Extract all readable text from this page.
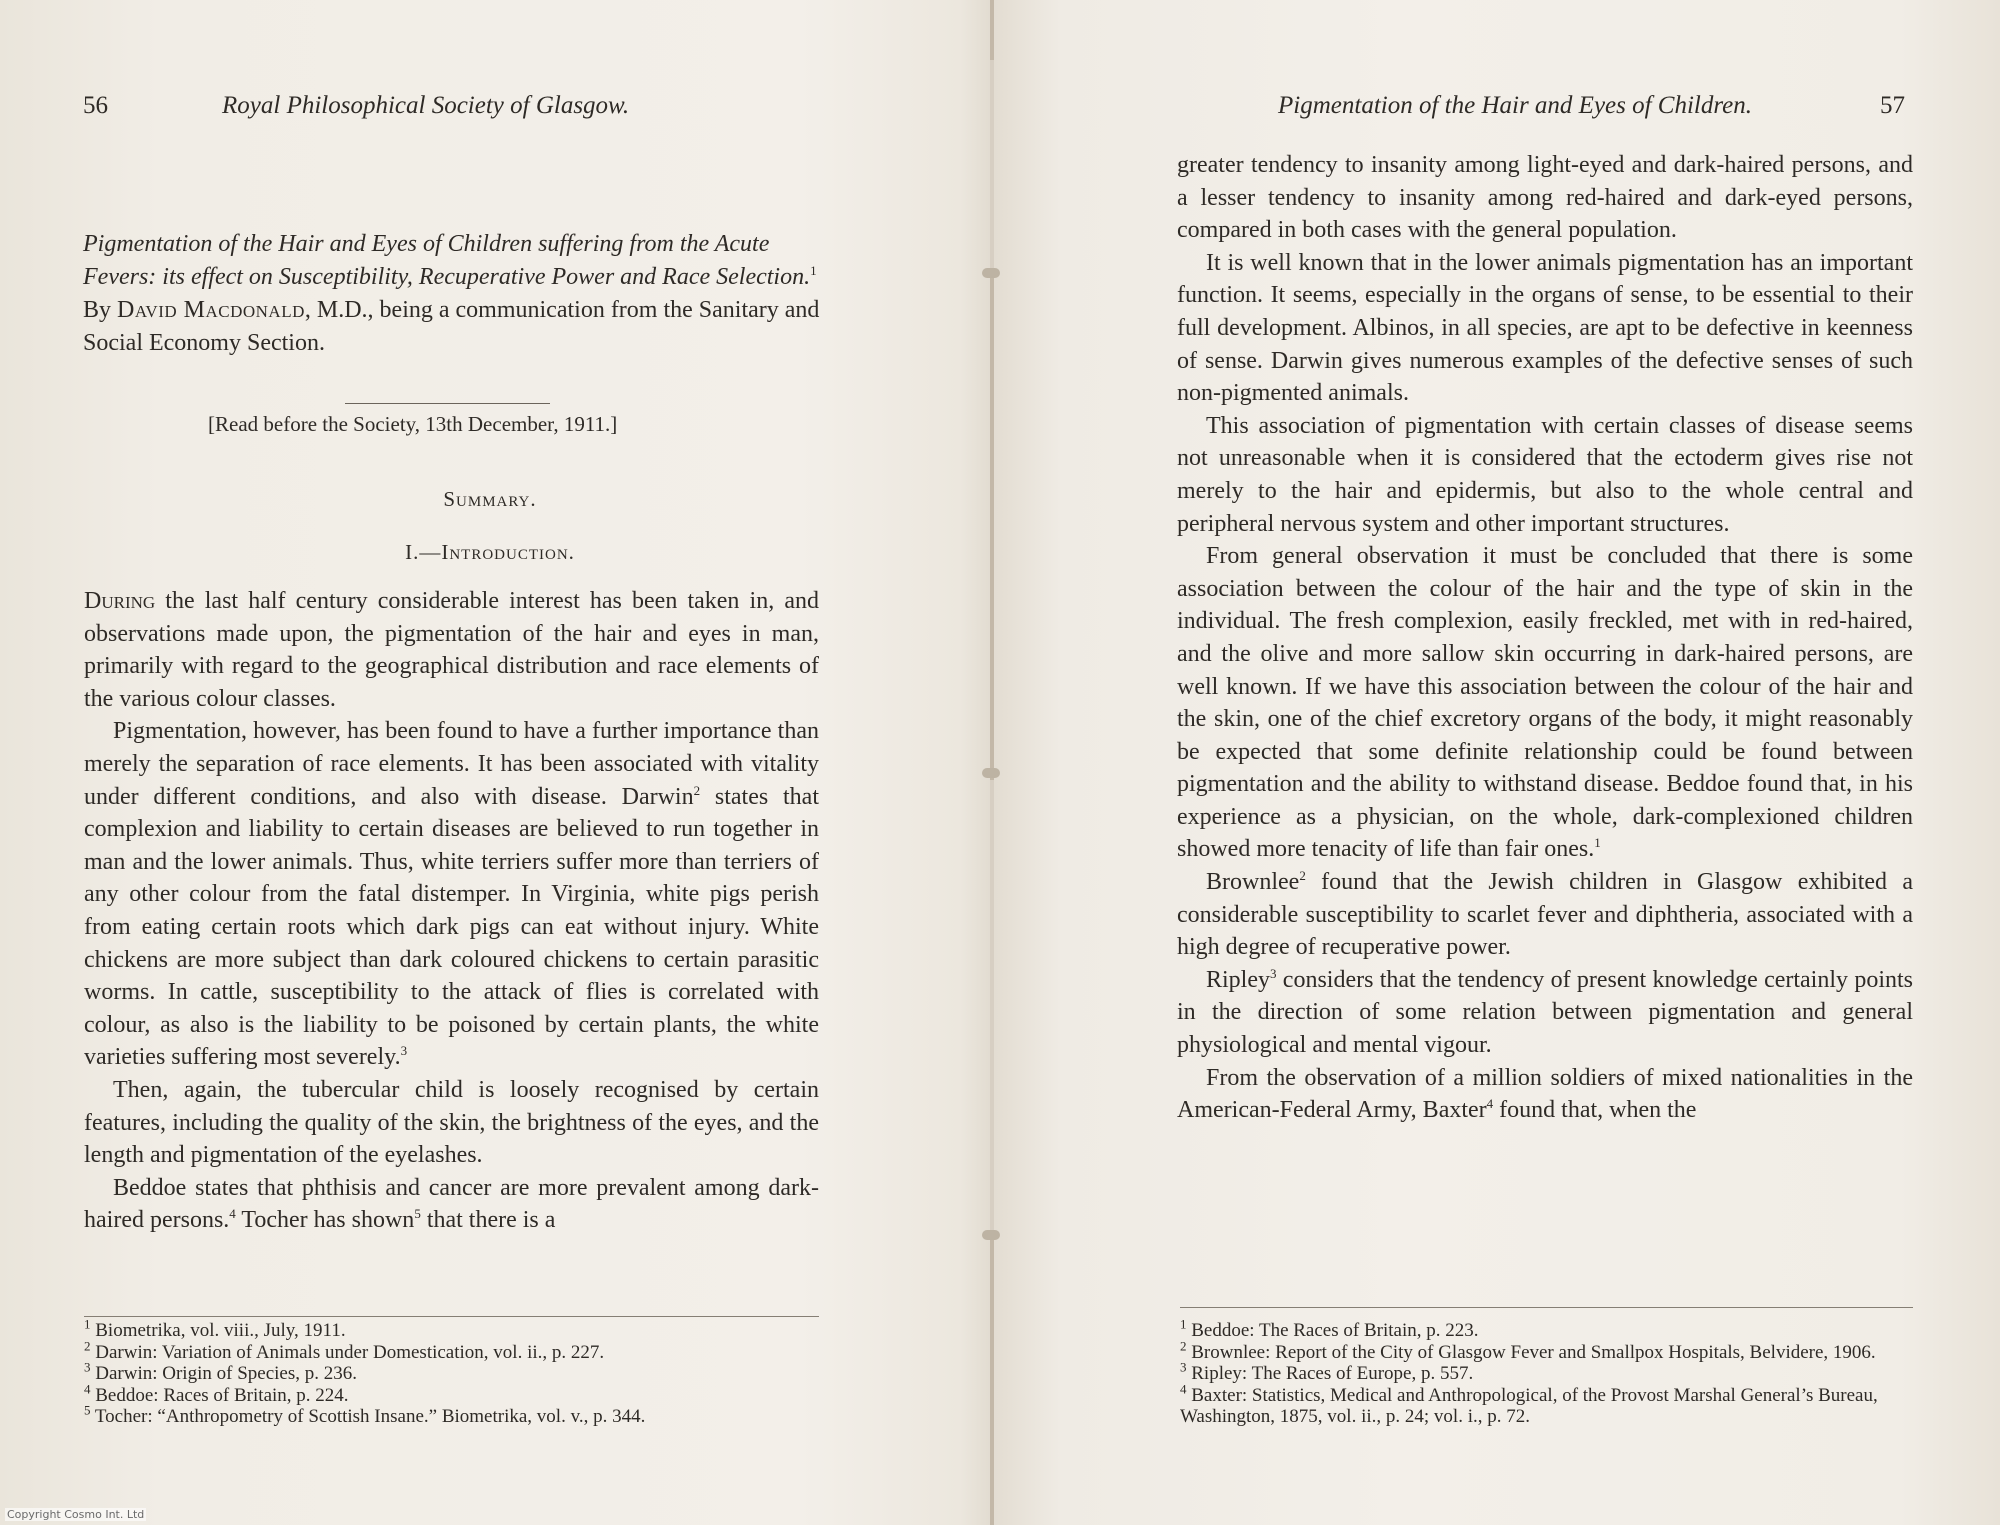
56	Royal Philosophical Society of Glasgow.
Pigmentation of the Hair and Eyes of Children suffering from the Acute Fevers: its effect on Susceptibility, Recuperative Power and Race Selection.$^1$ By David Macdonald, M.D., being a communication from the Sanitary and Social Economy Section.
[Read before the Society, 13th December, 1911.]
Summary.
I.—Introduction.

During the last half century considerable interest has been taken in, and observations made upon, the pigmentation of the hair and eyes in man, primarily with regard to the geographical distribution and race elements of the various colour classes.

Pigmentation, however, has been found to have a further importance than merely the separation of race elements. It has been associated with vitality under different conditions, and also with disease. Darwin$^2$ states that complexion and liability to certain diseases are believed to run together in man and the lower animals. Thus, white terriers suffer more than terriers of any other colour from the fatal distemper. In Virginia, white pigs perish from eating certain roots which dark pigs can eat without injury. White chickens are more subject than dark coloured chickens to certain parasitic worms. In cattle, susceptibility to the attack of flies is correlated with colour, as also is the liability to be poisoned by certain plants, the white varieties suffering most severely.$^3$

Then, again, the tubercular child is loosely recognised by certain features, including the quality of the skin, the brightness of the eyes, and the length and pigmentation of the eyelashes.

Beddoe states that phthisis and cancer are more prevalent among dark-haired persons.$^4$ Tocher has shown$^5$ that there is a

$^1$ Biometrika, vol. viii., July, 1911.
$^2$ Darwin: Variation of Animals under Domestication, vol. ii., p. 227.
$^3$ Darwin: Origin of Species, p. 236.
$^4$ Beddoe: Races of Britain, p. 224.
$^5$ Tocher: “Anthropometry of Scottish Insane.” Biometrika, vol. v., p. 344.
Pigmentation of the Hair and Eyes of Children.	57

greater tendency to insanity among light-eyed and dark-haired persons, and a lesser tendency to insanity among red-haired and dark-eyed persons, compared in both cases with the general population.

It is well known that in the lower animals pigmentation has an important function. It seems, especially in the organs of sense, to be essential to their full development. Albinos, in all species, are apt to be defective in keenness of sense. Darwin gives numerous examples of the defective senses of such non-pigmented animals.

This association of pigmentation with certain classes of disease seems not unreasonable when it is considered that the ectoderm gives rise not merely to the hair and epidermis, but also to the whole central and peripheral nervous system and other important structures.

From general observation it must be concluded that there is some association between the colour of the hair and the type of skin in the individual. The fresh complexion, easily freckled, met with in red-haired, and the olive and more sallow skin occurring in dark-haired persons, are well known. If we have this association between the colour of the hair and the skin, one of the chief excretory organs of the body, it might reasonably be expected that some definite relationship could be found between pigmentation and the ability to withstand disease. Beddoe found that, in his experience as a physician, on the whole, dark-complexioned children showed more tenacity of life than fair ones.$^1$

Brownlee$^2$ found that the Jewish children in Glasgow exhibited a considerable susceptibility to scarlet fever and diphtheria, associated with a high degree of recuperative power.

Ripley$^3$ considers that the tendency of present knowledge certainly points in the direction of some relation between pigmentation and general physiological and mental vigour.

From the observation of a million soldiers of mixed nationalities in the American-Federal Army, Baxter$^4$ found that, when the

$^1$ Beddoe: The Races of Britain, p. 223.
$^2$ Brownlee: Report of the City of Glasgow Fever and Smallpox Hospitals, Belvidere, 1906.
$^3$ Ripley: The Races of Europe, p. 557.
$^4$ Baxter: Statistics, Medical and Anthropological, of the Provost Marshal General’s Bureau, Washington, 1875, vol. ii., p. 24; vol. i., p. 72.
Copyright Cosmo Int. Ltd
